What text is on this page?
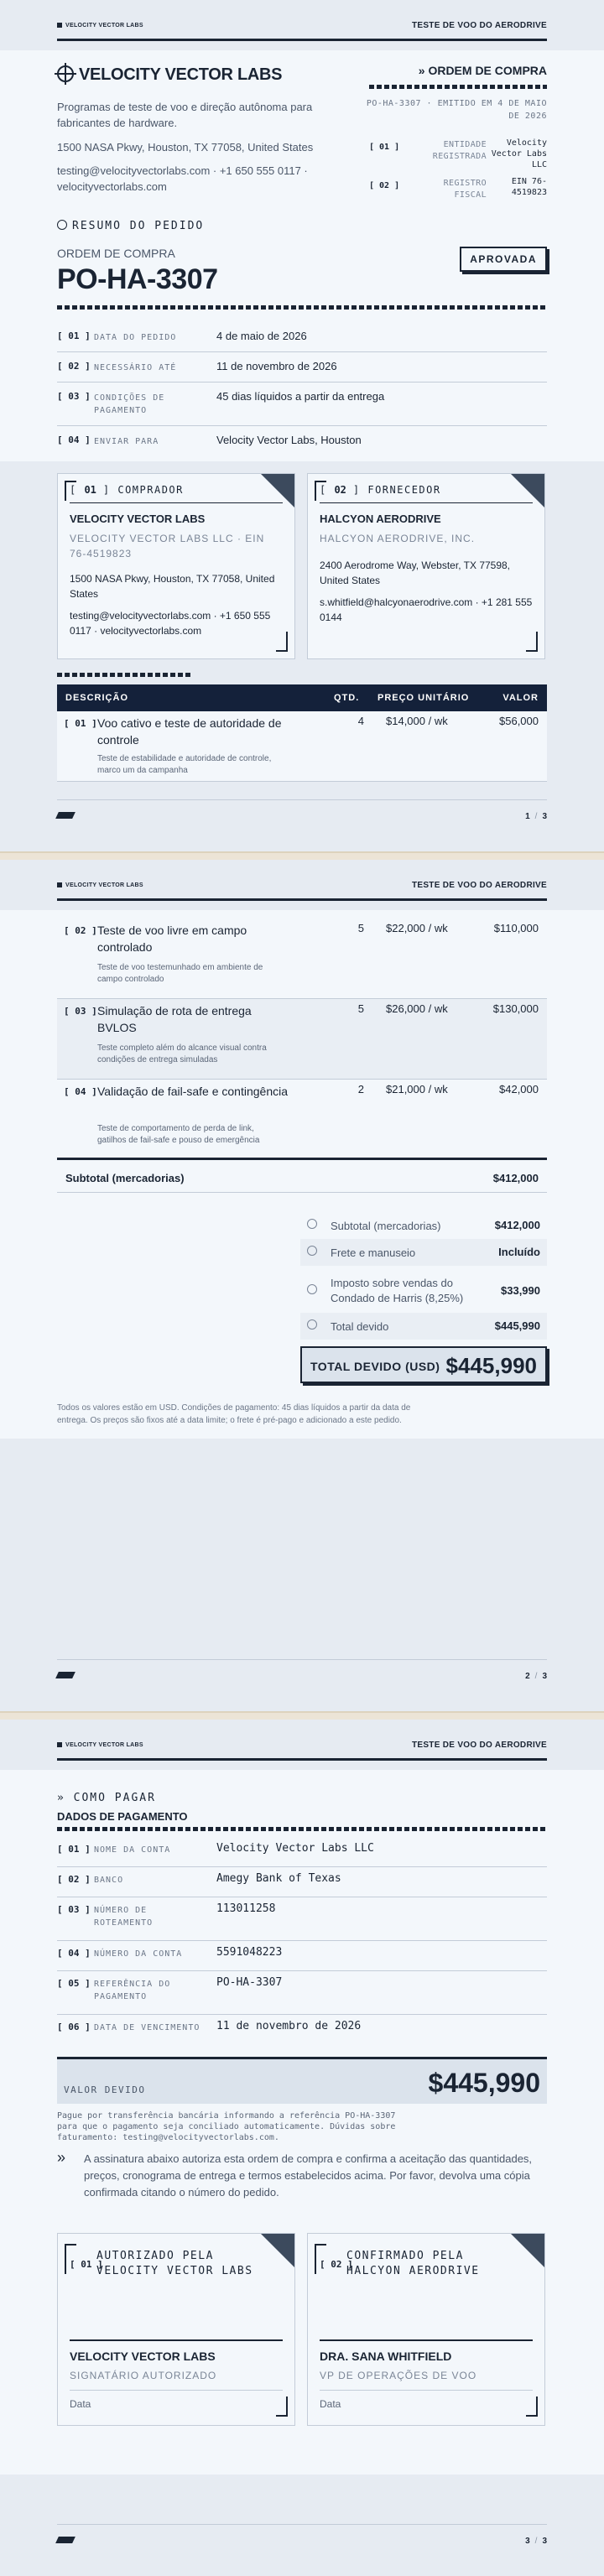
VELOCITY VECTOR LABS	TESTE DE VOO DO AERODRIVE
VELOCITY VECTOR LABS
Programas de teste de voo e direção autônoma para fabricantes de hardware.
1500 NASA Pkwy, Houston, TX 77058, United States
testing@velocityvectorlabs.com · +1 650 555 0117 · velocityvectorlabs.com
» ORDEM DE COMPRA
PO-HA-3307 · EMITIDO EM 4 DE MAIO DE 2026
[ 01 ]	ENTIDADE REGISTRADA
Velocity Vector Labs LLC
[ 02 ]	REGISTRO FISCAL
EIN 76-4519823
RESUMO DO PEDIDO
ORDEM DE COMPRA
PO-HA-3307
APROVADA
[ 01 ] DATA DO PEDIDO	4 de maio de 2026
[ 02 ] NECESSÁRIO ATÉ	11 de novembro de 2026
[ 03 ] CONDIÇÕES DE PAGAMENTO
45 dias líquidos a partir da entrega
[ 04 ] ENVIAR PARA	Velocity Vector Labs, Houston
[ 01 ] COMPRADOR
VELOCITY VECTOR LABS
VELOCITY VECTOR LABS LLC · EIN 76-4519823
1500 NASA Pkwy, Houston, TX 77058, United States
testing@velocityvectorlabs.com · +1 650 555 0117 · velocityvectorlabs.com
[ 02 ] FORNECEDOR
HALCYON AERODRIVE
HALCYON AERODRIVE, INC.
2400 Aerodrome Way, Webster, TX 77598, United States
s.whitfield@halcyonaerodrive.com · +1 281 555 0144
DESCRIÇÃO	QTD. PREÇO UNITÁRIO	VALOR
[ 01 ] Voo cativo e teste de autoridade de controle
Teste de estabilidade e autoridade de controle, marco um da campanha
4 $14,000 / wk	$56,000
1 / 3
VELOCITY VECTOR LABS	TESTE DE VOO DO AERODRIVE
[ 02 ] Teste de voo livre em campo controlado
Teste de voo testemunhado em ambiente de campo controlado
5 $22,000 / wk	$110,000
[ 03 ] Simulação de rota de entrega BVLOS
Teste completo além do alcance visual contra condições de entrega simuladas
5 $26,000 / wk	$130,000
[ 04 ] Validação de fail-safe e contingência
Teste de comportamento de perda de link, gatilhos de fail-safe e pouso de emergência
2 $21,000 / wk	$42,000
Subtotal (mercadorias)	$412,000
Subtotal (mercadorias)	$412,000
Frete e manuseio	Incluído
Imposto sobre vendas do Condado de Harris (8,25%)
$33,990
Total devido	$445,990
TOTAL DEVIDO (USD) $445,990
Todos os valores estão em USD. Condições de pagamento: 45 dias líquidos a partir da data de entrega. Os preços são fixos até a data limite; o frete é pré-pago e adicionado a este pedido.
2 / 3
VELOCITY VECTOR LABS	TESTE DE VOO DO AERODRIVE
» COMO PAGAR
DADOS DE PAGAMENTO
[ 01 ] NOME DA CONTA	Velocity Vector Labs LLC
[ 02 ] BANCO	Amegy Bank of Texas
[ 03 ] NÚMERO DE ROTEAMENTO
113011258
[ 04 ] NÚMERO DA CONTA	5591048223
[ 05 ] REFERÊNCIA DO PAGAMENTO
PO-HA-3307
[ 06 ] DATA DE VENCIMENTO	11 de novembro de 2026
VALOR DEVIDO	$445,990
Pague por transferência bancária informando a referência PO-HA-3307 para que o pagamento seja conciliado automaticamente. Dúvidas sobre faturamento: testing@velocityvectorlabs.com.
» A assinatura abaixo autoriza esta ordem de compra e confirma a aceitação das quantidades, preços, cronograma de entrega e termos estabelecidos acima. Por favor, devolva uma cópia confirmada citando o número do pedido.
[ 01 ]
AUTORIZADO PELA VELOCITY VECTOR LABS
VELOCITY VECTOR LABS
SIGNATÁRIO AUTORIZADO
Data
[ 02 ]
CONFIRMADO PELA HALCYON AERODRIVE
DRA. SANA WHITFIELD
VP DE OPERAÇÕES DE VOO
Data
3 / 3
